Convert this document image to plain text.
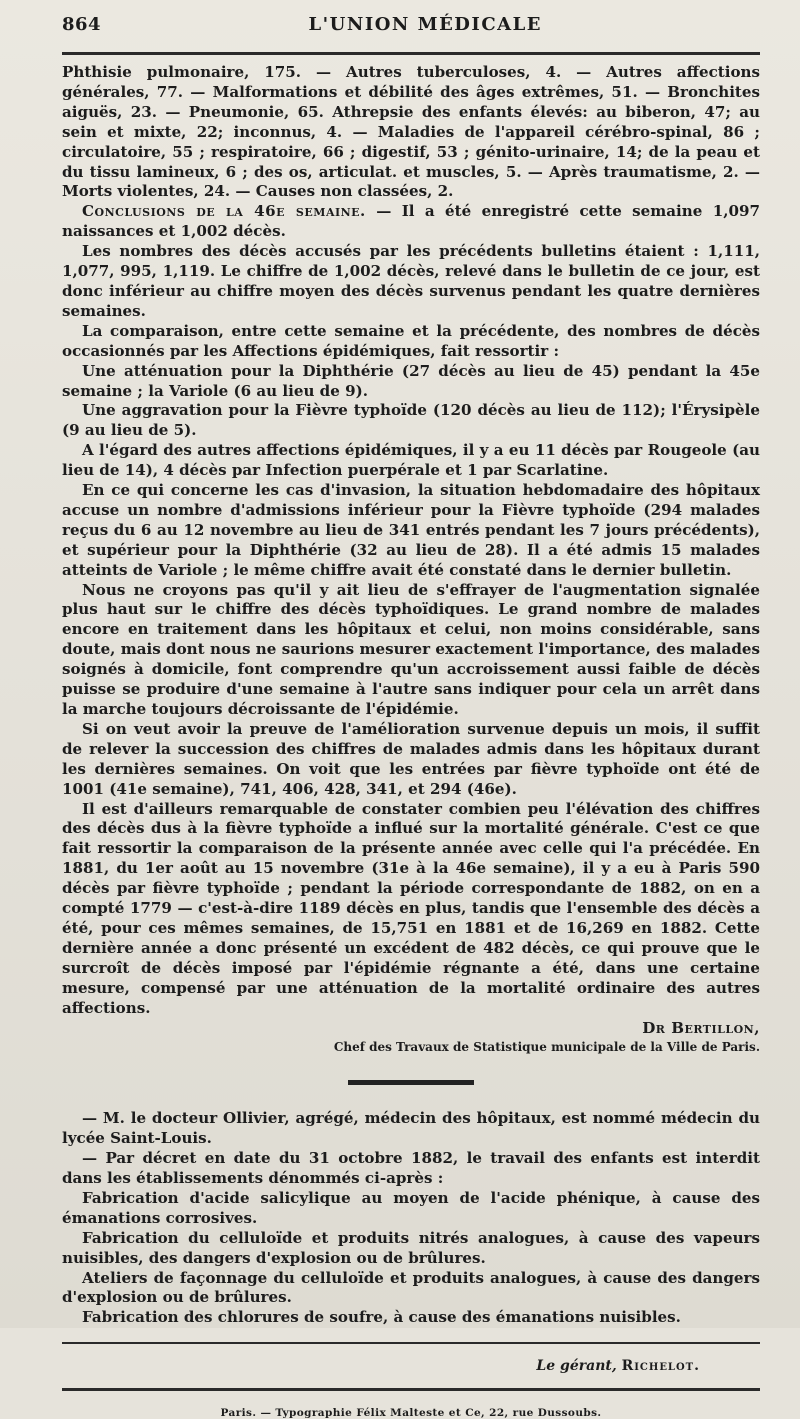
864	L'UNION MÉDICALE

Phthisie pulmonaire, 175. — Autres tuberculoses, 4. — Autres affections générales, 77. — Malformations et débilité des âges extrêmes, 51. — Bronchites aiguës, 23. — Pneumonie, 65. Athrepsie des enfants élevés: au biberon, 47; au sein et mixte, 22; inconnus, 4. — Maladies de l'appareil cérébro-spinal, 86 ; circulatoire, 55 ; respiratoire, 66 ; digestif, 53 ; génito-urinaire, 14; de la peau et du tissu lamineux, 6 ; des os, articulat. et muscles, 5. — Après traumatisme, 2. — Morts violentes, 24. — Causes non classées, 2.

Conclusions de la 46e semaine. — Il a été enregistré cette semaine 1,097 naissances et 1,002 décès.

Les nombres des décès accusés par les précédents bulletins étaient : 1,111, 1,077, 995, 1,119. Le chiffre de 1,002 décès, relevé dans le bulletin de ce jour, est donc inférieur au chiffre moyen des décès survenus pendant les quatre dernières semaines.

La comparaison, entre cette semaine et la précédente, des nombres de décès occasionnés par les Affections épidémiques, fait ressortir :

Une atténuation pour la Diphthérie (27 décès au lieu de 45) pendant la 45e semaine ; la Variole (6 au lieu de 9).

Une aggravation pour la Fièvre typhoïde (120 décès au lieu de 112); l'Érysipèle (9 au lieu de 5).

A l'égard des autres affections épidémiques, il y a eu 11 décès par Rougeole (au lieu de 14), 4 décès par Infection puerpérale et 1 par Scarlatine.

En ce qui concerne les cas d'invasion, la situation hebdomadaire des hôpitaux accuse un nombre d'admissions inférieur pour la Fièvre typhoïde (294 malades reçus du 6 au 12 novembre au lieu de 341 entrés pendant les 7 jours précédents), et supérieur pour la Diphthérie (32 au lieu de 28). Il a été admis 15 malades atteints de Variole ; le même chiffre avait été constaté dans le dernier bulletin.

Nous ne croyons pas qu'il y ait lieu de s'effrayer de l'augmentation signalée plus haut sur le chiffre des décès typhoïdiques. Le grand nombre de malades encore en traitement dans les hôpitaux et celui, non moins considérable, sans doute, mais dont nous ne saurions mesurer exactement l'importance, des malades soignés à domicile, font comprendre qu'un accroissement aussi faible de décès puisse se produire d'une semaine à l'autre sans indiquer pour cela un arrêt dans la marche toujours décroissante de l'épidémie.

Si on veut avoir la preuve de l'amélioration survenue depuis un mois, il suffit de relever la succession des chiffres de malades admis dans les hôpitaux durant les dernières semaines. On voit que les entrées par fièvre typhoïde ont été de 1001 (41e semaine), 741, 406, 428, 341, et 294 (46e).

Il est d'ailleurs remarquable de constater combien peu l'élévation des chiffres des décès dus à la fièvre typhoïde a influé sur la mortalité générale. C'est ce que fait ressortir la comparaison de la présente année avec celle qui l'a précédée. En 1881, du 1er août au 15 novembre (31e à la 46e semaine), il y a eu à Paris 590 décès par fièvre typhoïde ; pendant la période correspondante de 1882, on en a compté 1779 — c'est-à-dire 1189 décès en plus, tandis que l'ensemble des décès a été, pour ces mêmes semaines, de 15,751 en 1881 et de 16,269 en 1882. Cette dernière année a donc présenté un excédent de 482 décès, ce qui prouve que le surcroît de décès imposé par l'épidémie régnante a été, dans une certaine mesure, compensé par une atténuation de la mortalité ordinaire des autres affections.

Dr Bertillon,

Chef des Travaux de Statistique municipale de la Ville de Paris.

— M. le docteur Ollivier, agrégé, médecin des hôpitaux, est nommé médecin du lycée Saint-Louis.

— Par décret en date du 31 octobre 1882, le travail des enfants est interdit dans les établissements dénommés ci-après :

Fabrication d'acide salicylique au moyen de l'acide phénique, à cause des émanations corrosives.

Fabrication du celluloïde et produits nitrés analogues, à cause des vapeurs nuisibles, des dangers d'explosion ou de brûlures.

Ateliers de façonnage du celluloïde et produits analogues, à cause des dangers d'explosion ou de brûlures.

Fabrication des chlorures de soufre, à cause des émanations nuisibles.

Le gérant, Richelot.

Paris. — Typographie Félix Malteste et Ce, 22, rue Dussoubs.
